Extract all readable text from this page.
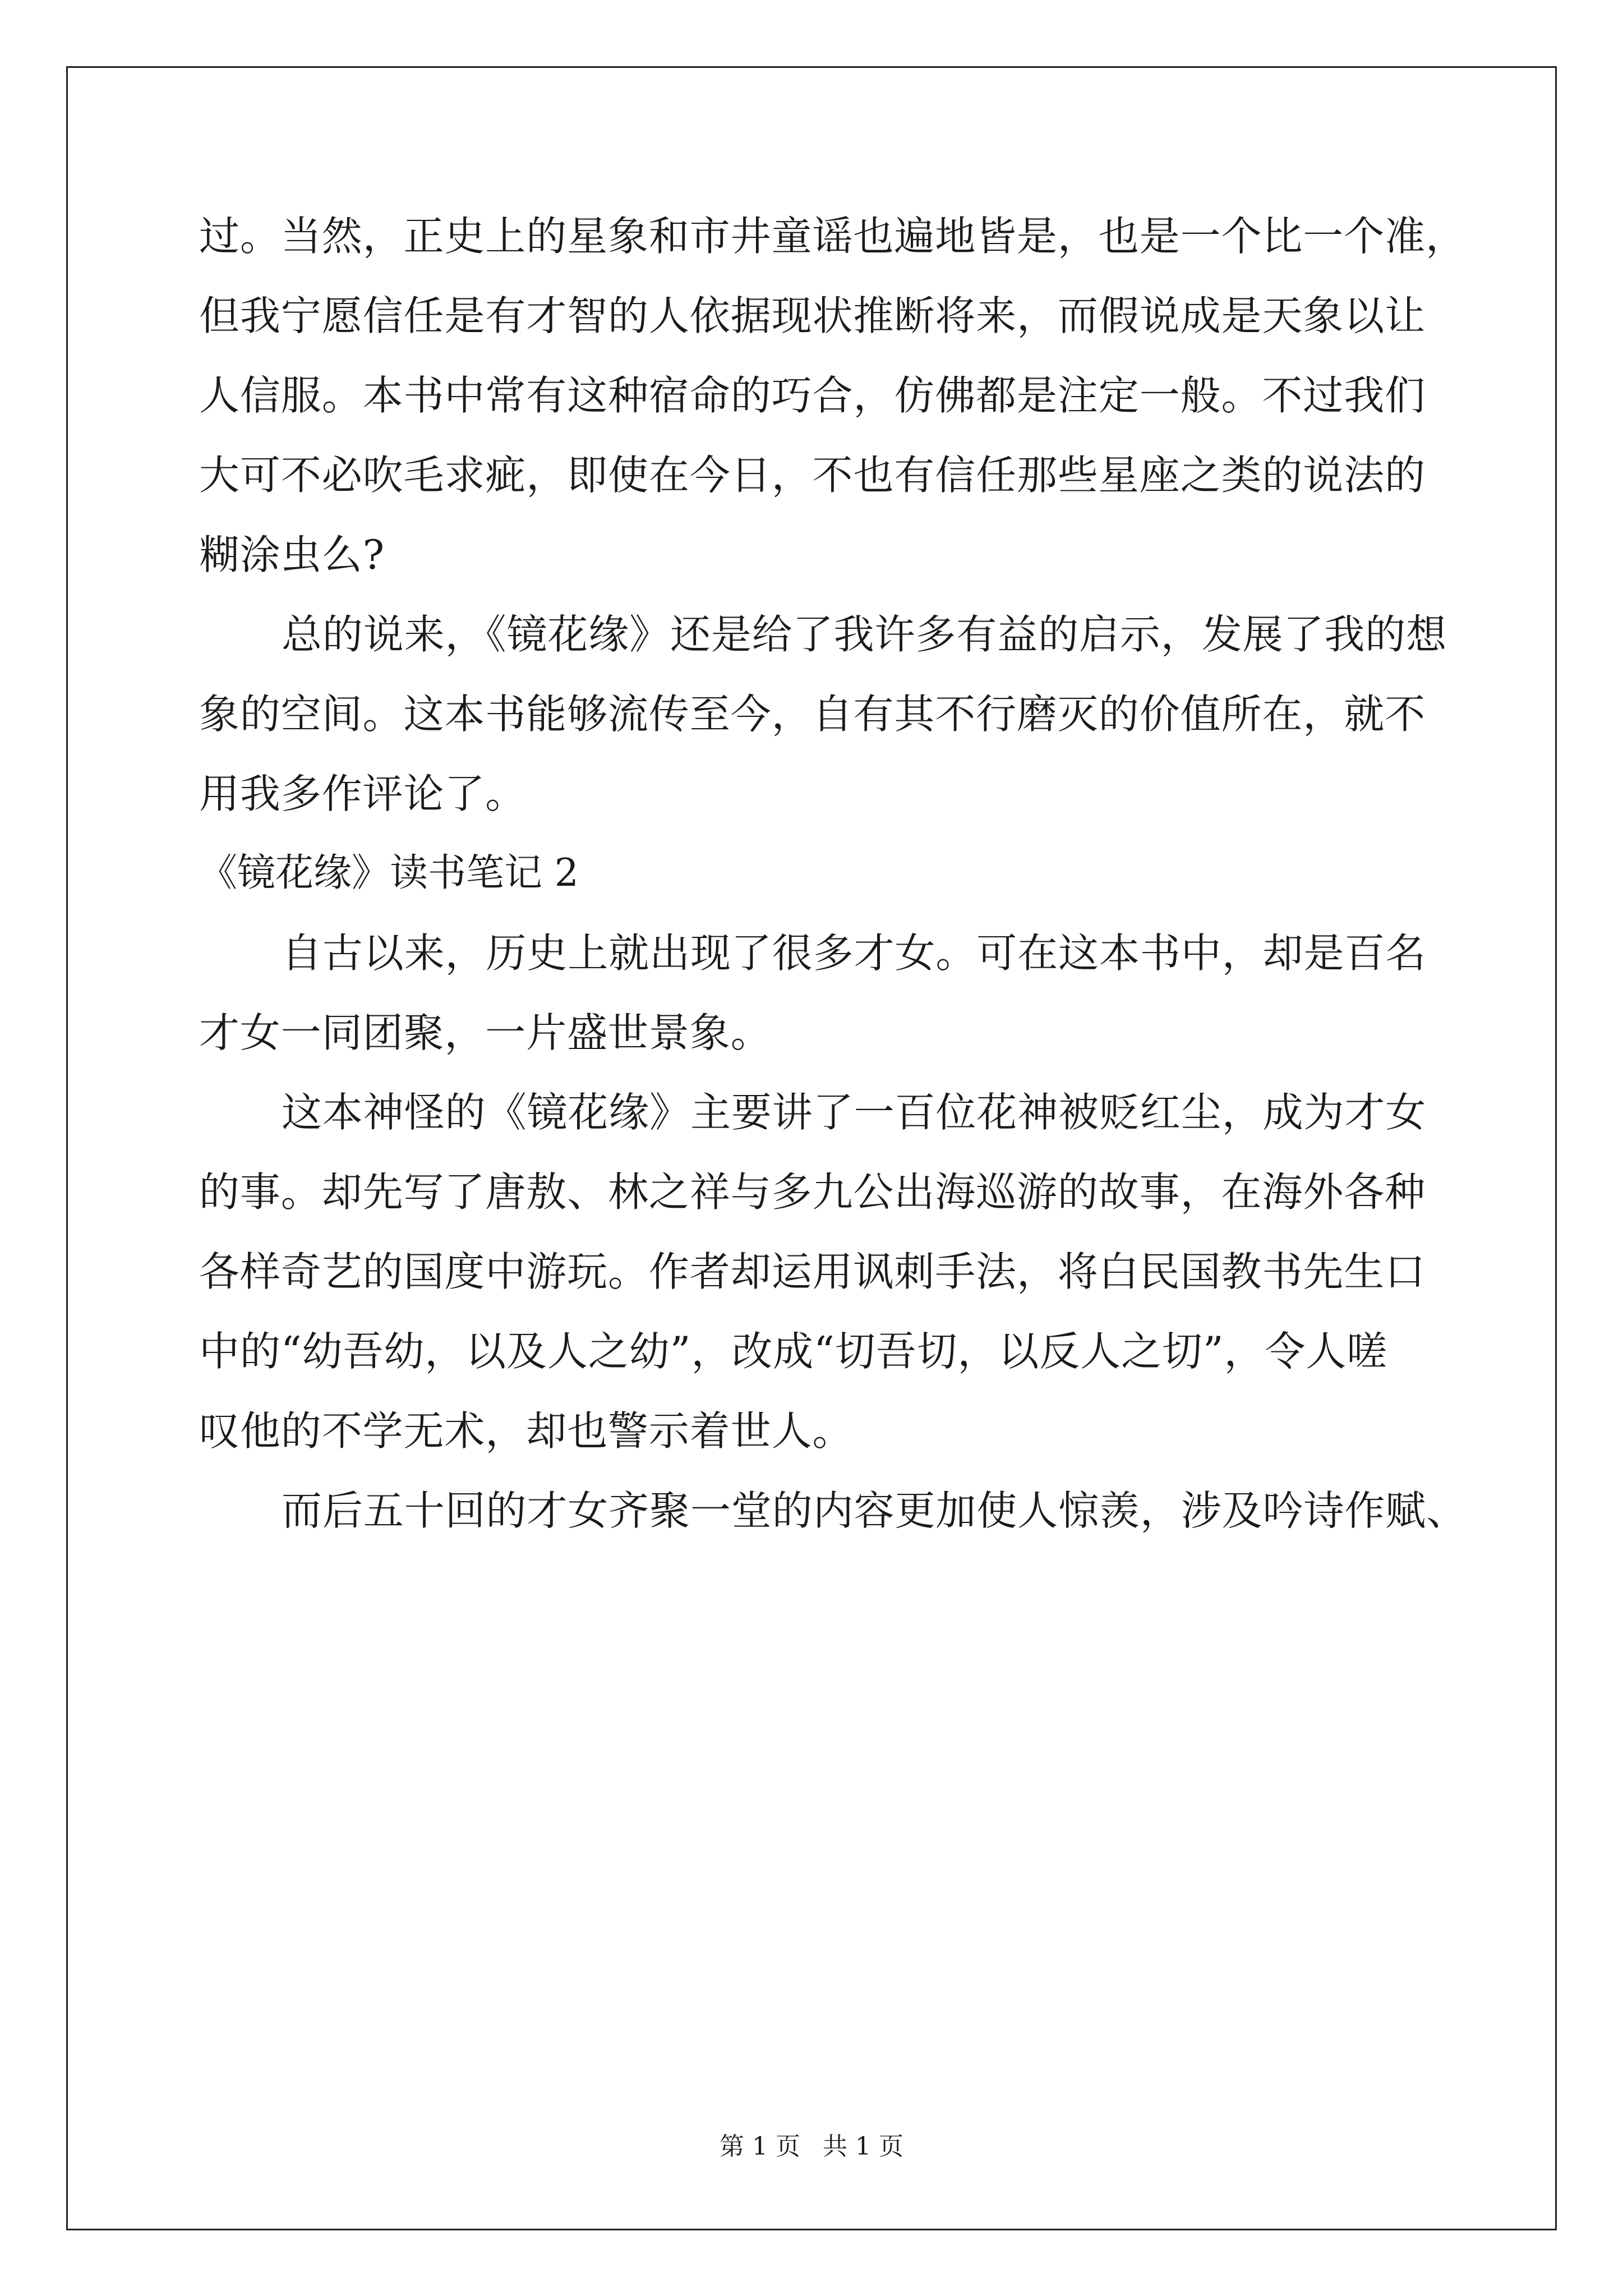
过。当然，正史上的星象和市井童谣也遍地皆是，也是一个比一个准，
但我宁愿信任是有才智的人依据现状推断将来，而假说成是天象以让
人信服。本书中常有这种宿命的巧合，仿佛都是注定一般。不过我们
大可不必吹毛求疵，即使在今日，不也有信任那些星座之类的说法的
糊涂虫么?
总的说来，《镜花缘》还是给了我许多有益的启示，发展了我的想
象的空间。这本书能够流传至今，自有其不行磨灭的价值所在，就不
用我多作评论了。
《镜花缘》读书笔记 2
自古以来，历史上就出现了很多才女。可在这本书中，却是百名
才女一同团聚，一片盛世景象。
这本神怪的《镜花缘》主要讲了一百位花神被贬红尘，成为才女
的事。却先写了唐敖、林之祥与多九公出海巡游的故事，在海外各种
各样奇艺的国度中游玩。作者却运用讽刺手法，将白民国教书先生口
中的“幼吾幼，以及人之幼”，改成“切吾切，以反人之切”，令人嗟
叹他的不学无术，却也警示着世人。
而后五十回的才女齐聚一堂的内容更加使人惊羡，涉及吟诗作赋、
第 1 页 共 1 页
